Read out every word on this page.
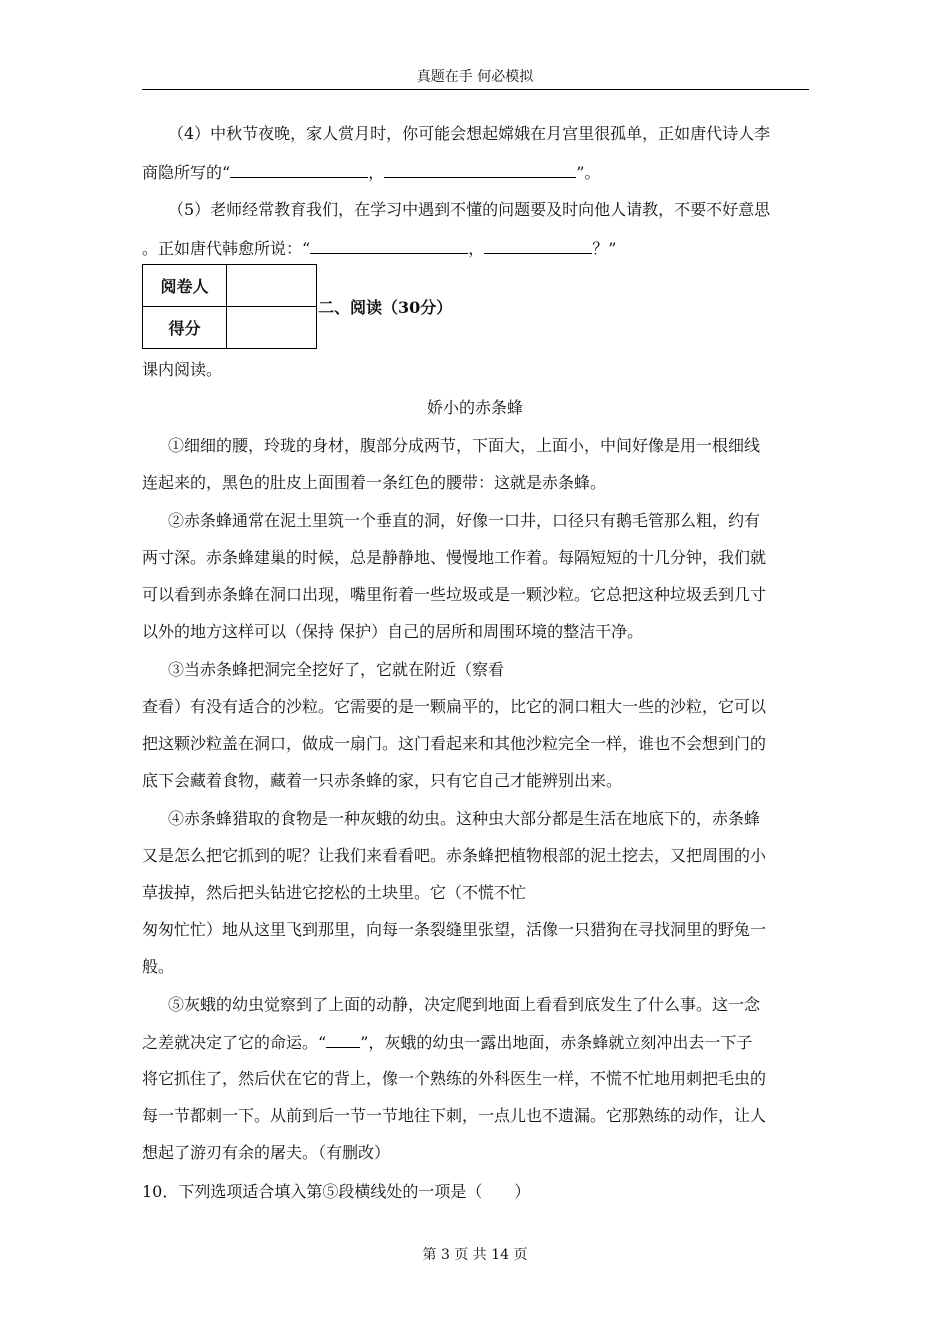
真题在手 何必模拟
（4）中秋节夜晚，家人赏月时，你可能会想起嫦娥在月宫里很孤单，正如唐代诗人李
商隐所写的“	，	”。
（5）老师经常教育我们，在学习中遇到不懂的问题要及时向他人请教，不要不好意思
。正如唐代韩愈所说：“	，	？”
阅卷人	
得分	
二、阅读（30分）
课内阅读。
娇小的赤条蜂
①细细的腰，玲珑的身材，腹部分成两节，下面大，上面小，中间好像是用一根细线
连起来的，黑色的肚皮上面围着一条红色的腰带：这就是赤条蜂。
②赤条蜂通常在泥土里筑一个垂直的洞，好像一口井，口径只有鹅毛管那么粗，约有
两寸深。赤条蜂建巢的时候，总是静静地、慢慢地工作着。每隔短短的十几分钟，我们就
可以看到赤条蜂在洞口出现，嘴里衔着一些垃圾或是一颗沙粒。它总把这种垃圾丢到几寸
以外的地方这样可以（保持 保护）自己的居所和周围环境的整洁干净。
③当赤条蜂把洞完全挖好了，它就在附近（察看
查看）有没有适合的沙粒。它需要的是一颗扁平的，比它的洞口粗大一些的沙粒，它可以
把这颗沙粒盖在洞口，做成一扇门。这门看起来和其他沙粒完全一样，谁也不会想到门的
底下会藏着食物，藏着一只赤条蜂的家，只有它自己才能辨别出来。
④赤条蜂猎取的食物是一种灰蛾的幼虫。这种虫大部分都是生活在地底下的，赤条蜂
又是怎么把它抓到的呢？让我们来看看吧。赤条蜂把植物根部的泥土挖去，又把周围的小
草拔掉，然后把头钻进它挖松的土块里。它（不慌不忙
匆匆忙忙）地从这里飞到那里，向每一条裂缝里张望，活像一只猎狗在寻找洞里的野兔一
般。
⑤灰蛾的幼虫觉察到了上面的动静，决定爬到地面上看看到底发生了什么事。这一念
之差就决定了它的命运。“ ”，灰蛾的幼虫一露出地面，赤条蜂就立刻冲出去一下子
将它抓住了，然后伏在它的背上，像一个熟练的外科医生一样，不慌不忙地用刺把毛虫的
每一节都刺一下。从前到后一节一节地往下刺，一点儿也不遗漏。它那熟练的动作，让人
想起了游刃有余的屠夫。（有删改）
10．下列选项适合填入第⑤段横线处的一项是（　　）
第 3 页 共 14 页
